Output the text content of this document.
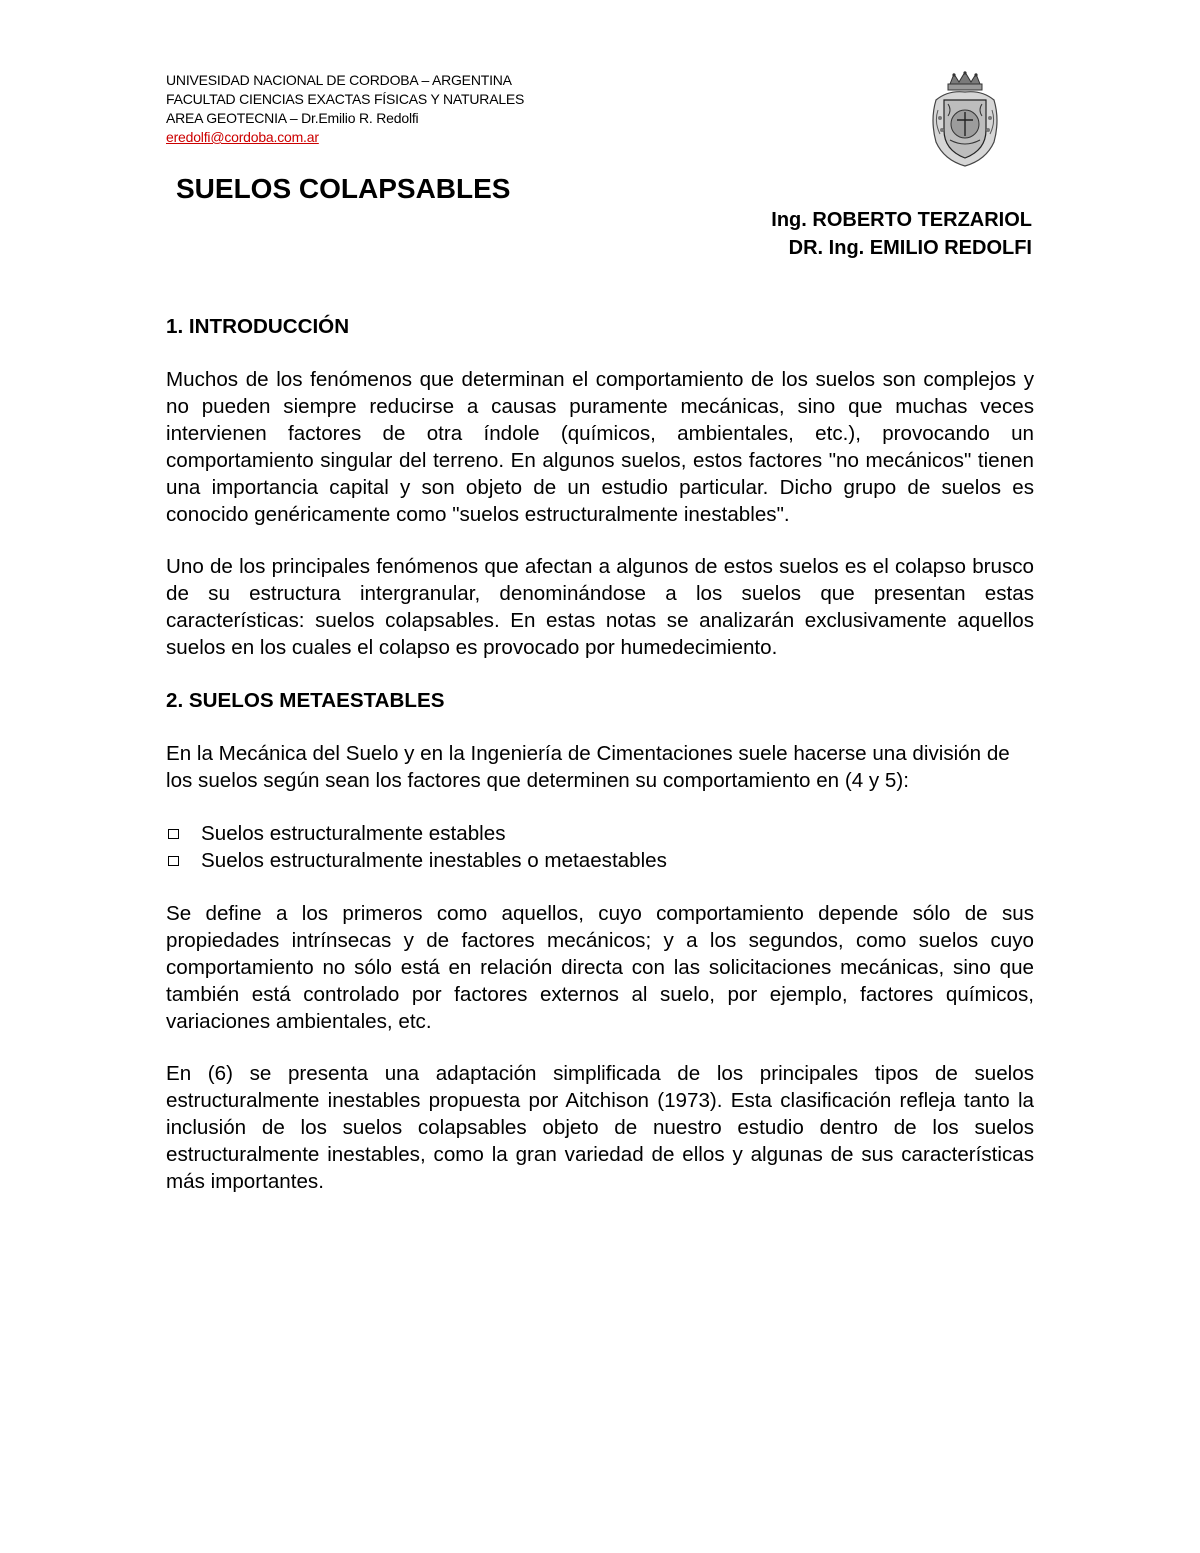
UNIVESIDAD NACIONAL DE CORDOBA – ARGENTINA
FACULTAD CIENCIAS EXACTAS FÍSICAS Y NATURALES
AREA GEOTECNIA – Dr.Emilio R. Redolfi
eredolfi@cordoba.com.ar
SUELOS COLAPSABLES
Ing. ROBERTO TERZARIOL
DR. Ing. EMILIO REDOLFI

1. INTRODUCCIÓN

Muchos de los fenómenos que determinan el comportamiento de los suelos son complejos y no pueden siempre reducirse a causas puramente mecánicas, sino que muchas veces intervienen factores de otra índole (químicos, ambientales, etc.), provocando un comportamiento singular del terreno. En algunos suelos, estos factores "no mecánicos" tienen una importancia capital y son objeto de un estudio particular. Dicho grupo de suelos es conocido genéricamente como "suelos estructuralmente inestables".

Uno de los principales fenómenos que afectan a algunos de estos suelos es el colapso brusco de su estructura intergranular, denominándose a los suelos que presentan estas características: suelos colapsables. En estas notas se analizarán exclusivamente aquellos suelos en los cuales el colapso es provocado por humedecimiento.

2. SUELOS METAESTABLES

En la Mecánica del Suelo y en la Ingeniería de Cimentaciones suele hacerse una división de los suelos según sean los factores que determinen su comportamiento en (4 y 5):

Suelos estructuralmente estables
Suelos estructuralmente inestables o metaestables

Se define a los primeros como aquellos, cuyo comportamiento depende sólo de sus propiedades intrínsecas y de factores mecánicos; y a los segundos, como suelos cuyo comportamiento no sólo está en relación directa con las solicitaciones mecánicas, sino que también está controlado por factores externos al suelo, por ejemplo, factores químicos, variaciones ambientales, etc.

En (6) se presenta una adaptación simplificada de los principales tipos de suelos estructuralmente inestables propuesta por Aitchison (1973). Esta clasificación refleja tanto la inclusión de los suelos colapsables objeto de nuestro estudio dentro de los suelos estructuralmente inestables, como la gran variedad de ellos y algunas de sus características más importantes.
